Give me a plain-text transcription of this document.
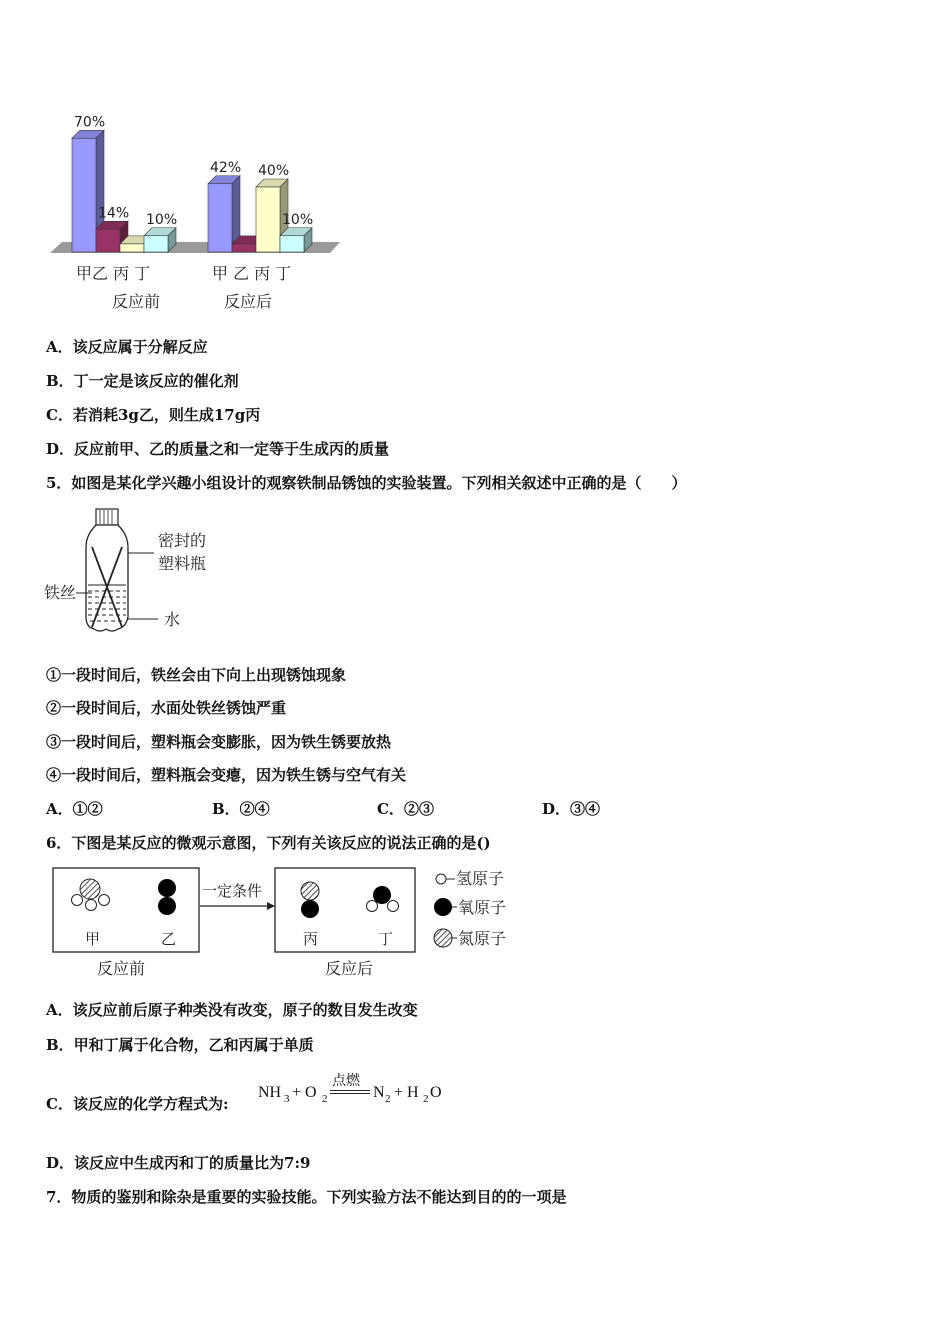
70%
14% 10%
42% 40%
10%
甲乙 丙 丁	甲 乙 丙 丁
反应前	反应后
A．该反应属于分解反应
B．丁一定是该反应的催化剂
C．若消耗3g乙，则生成17g丙
D．反应前甲、乙的质量之和一定等于生成丙的质量
5．如图是某化学兴趣小组设计的观察铁制品锈蚀的实验装置。下列相关叙述中正确的是（　　）
密封的
塑料瓶
铁丝
水
①一段时间后，铁丝会由下向上出现锈蚀现象
②一段时间后，水面处铁丝锈蚀严重
③一段时间后，塑料瓶会变膨胀，因为铁生锈要放热
④一段时间后，塑料瓶会变瘪，因为铁生锈与空气有关
A．①②	B．②④	C．②③	D．③④
6．下图是某反应的微观示意图，下列有关该反应的说法正确的是()
甲	乙
一定条件
丙	丁
反应前	反应后
氢原子
氧原子
氮原子
A．该反应前后原子种类没有改变，原子的数目发生改变
B．甲和丁属于化合物，乙和丙属于单质
C．该反应的化学方程式为:
点燃
NH 3 + O 2	N 2 + H 2 O
D．该反应中生成丙和丁的质量比为7:9
7．物质的鉴别和除杂是重要的实验技能。下列实验方法不能达到目的的一项是
